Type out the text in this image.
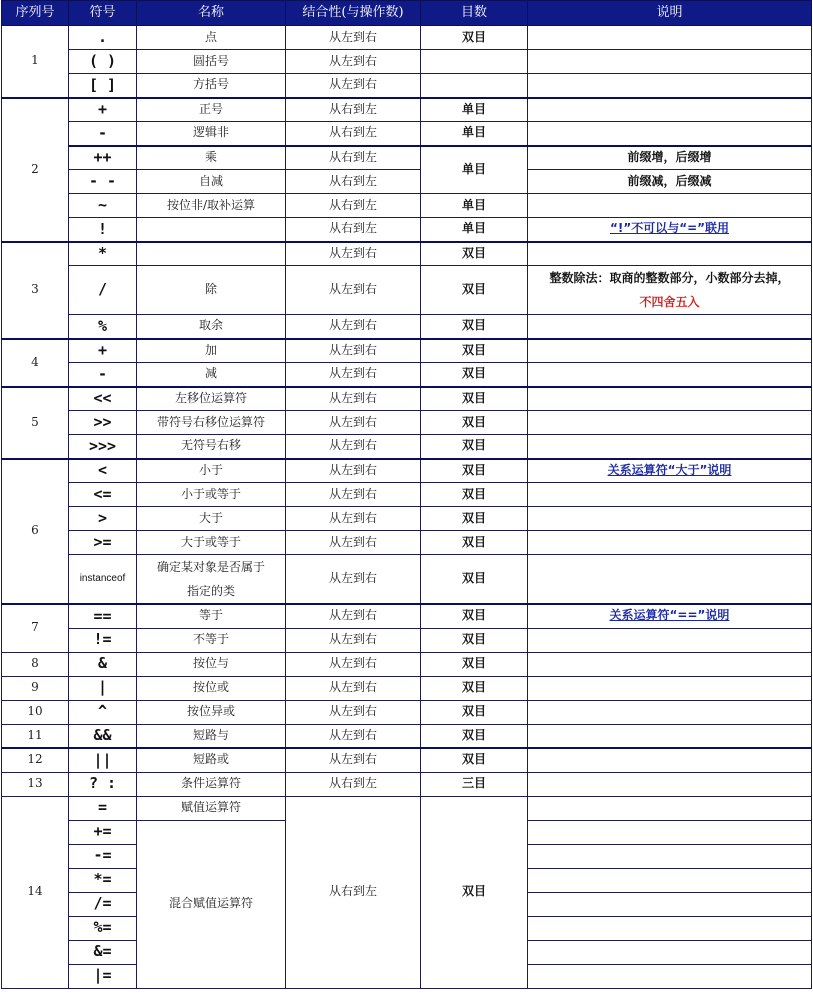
序列号	符号	名称	结合性(与操作数)	目数	说明
1	.	点	从左到右	双目	
	( )	圆括号	从左到右		
	[ ]	方括号	从左到右		
2	+	正号	从右到左	单目	
	-	逻辑非	从右到左	单目	
	++	乘	从右到左	单目	前缀增，后缀增
	- -	自减	从右到左		前缀减，后缀减
	~	按位非/取补运算	从右到左	单目	
	!		从右到左	单目	“!”不可以与“=”联用
3	*		从左到右	双目	
	/	除	从左到右	双目	整数除法：取商的整数部分，小数部分去掉，
不四舍五入
	%	取余	从左到右	双目	
4	+	加	从左到右	双目	
	-	减	从左到右	双目	
5	<<	左移位运算符	从左到右	双目	
	>>	带符号右移位运算符	从左到右	双目	
	>>>	无符号右移	从左到右	双目	
6	<	小于	从左到右	双目	关系运算符“大于”说明
	<=	小于或等于	从左到右	双目	
	>	大于	从左到右	双目	
	>=	大于或等于	从左到右	双目	
	instanceof	确定某对象是否属于
指定的类	从左到右	双目	
7	==	等于	从左到右	双目	关系运算符“==”说明
	!=	不等于	从左到右	双目	
8	&	按位与	从左到右	双目	
9	|	按位或	从左到右	双目	
10	^	按位异或	从左到右	双目	
11	&&	短路与	从左到右	双目	
12	||	短路或	从左到右	双目	
13	? :	条件运算符	从右到左	三目	
14	=	赋值运算符	从右到左	双目	
	+=	混合赋值运算符			
	-=				
	*=				
	/=				
	%=				
	&=				
	|=				
